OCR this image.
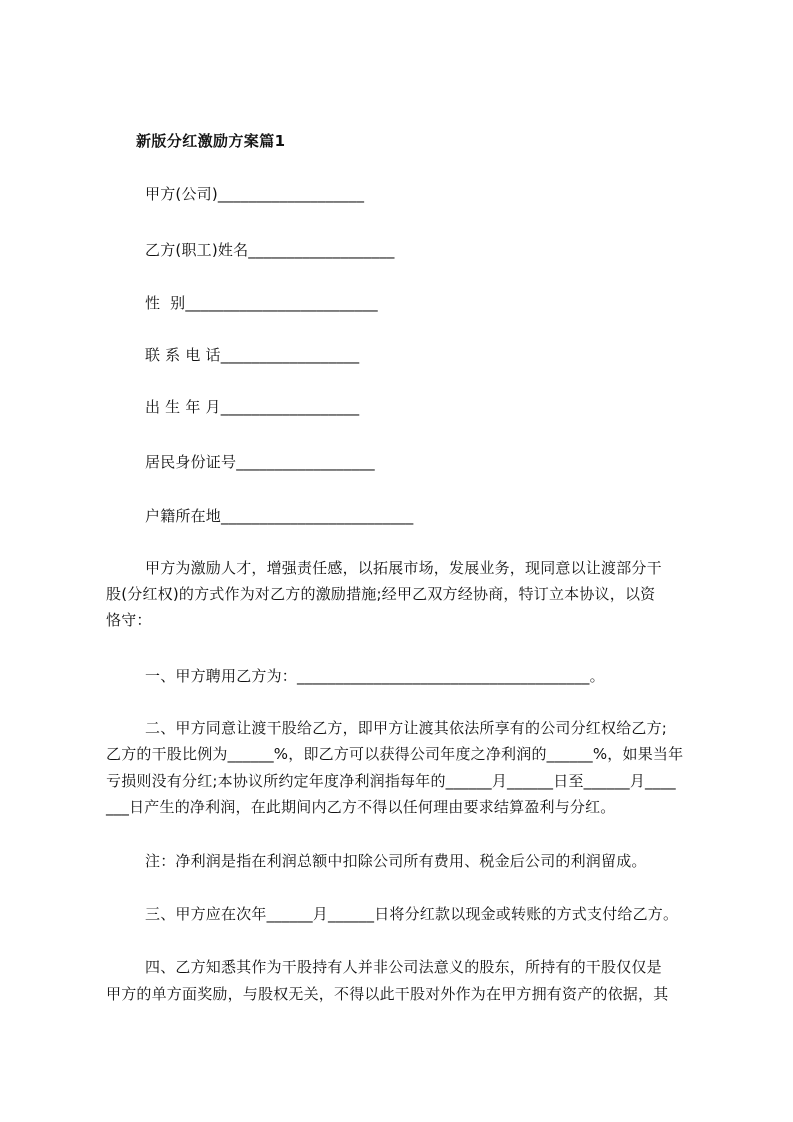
新版分红激励方案篇1

甲方(公司)___________________

乙方(职工)姓名___________________

性  别_________________________

联 系 电 话__________________

出 生 年 月__________________

居民身份证号__________________

户籍所在地_________________________

甲方为激励人才，增强责任感，以拓展市场，发展业务，现同意以让渡部分干

股(分红权)的方式作为对乙方的激励措施;经甲乙双方经协商，特订立本协议，以资

恪守：

一、甲方聘用乙方为：______________________________________。

二、甲方同意让渡干股给乙方，即甲方让渡其依法所享有的公司分红权给乙方;

乙方的干股比例为______%，即乙方可以获得公司年度之净利润的______%，如果当年

亏损则没有分红;本协议所约定年度净利润指每年的______月______日至______月____

___日产生的净利润，在此期间内乙方不得以任何理由要求结算盈利与分红。

注：净利润是指在利润总额中扣除公司所有费用、税金后公司的利润留成。

三、甲方应在次年______月______日将分红款以现金或转账的方式支付给乙方。

四、乙方知悉其作为干股持有人并非公司法意义的股东，所持有的干股仅仅是

甲方的单方面奖励，与股权无关，不得以此干股对外作为在甲方拥有资产的依据，其
